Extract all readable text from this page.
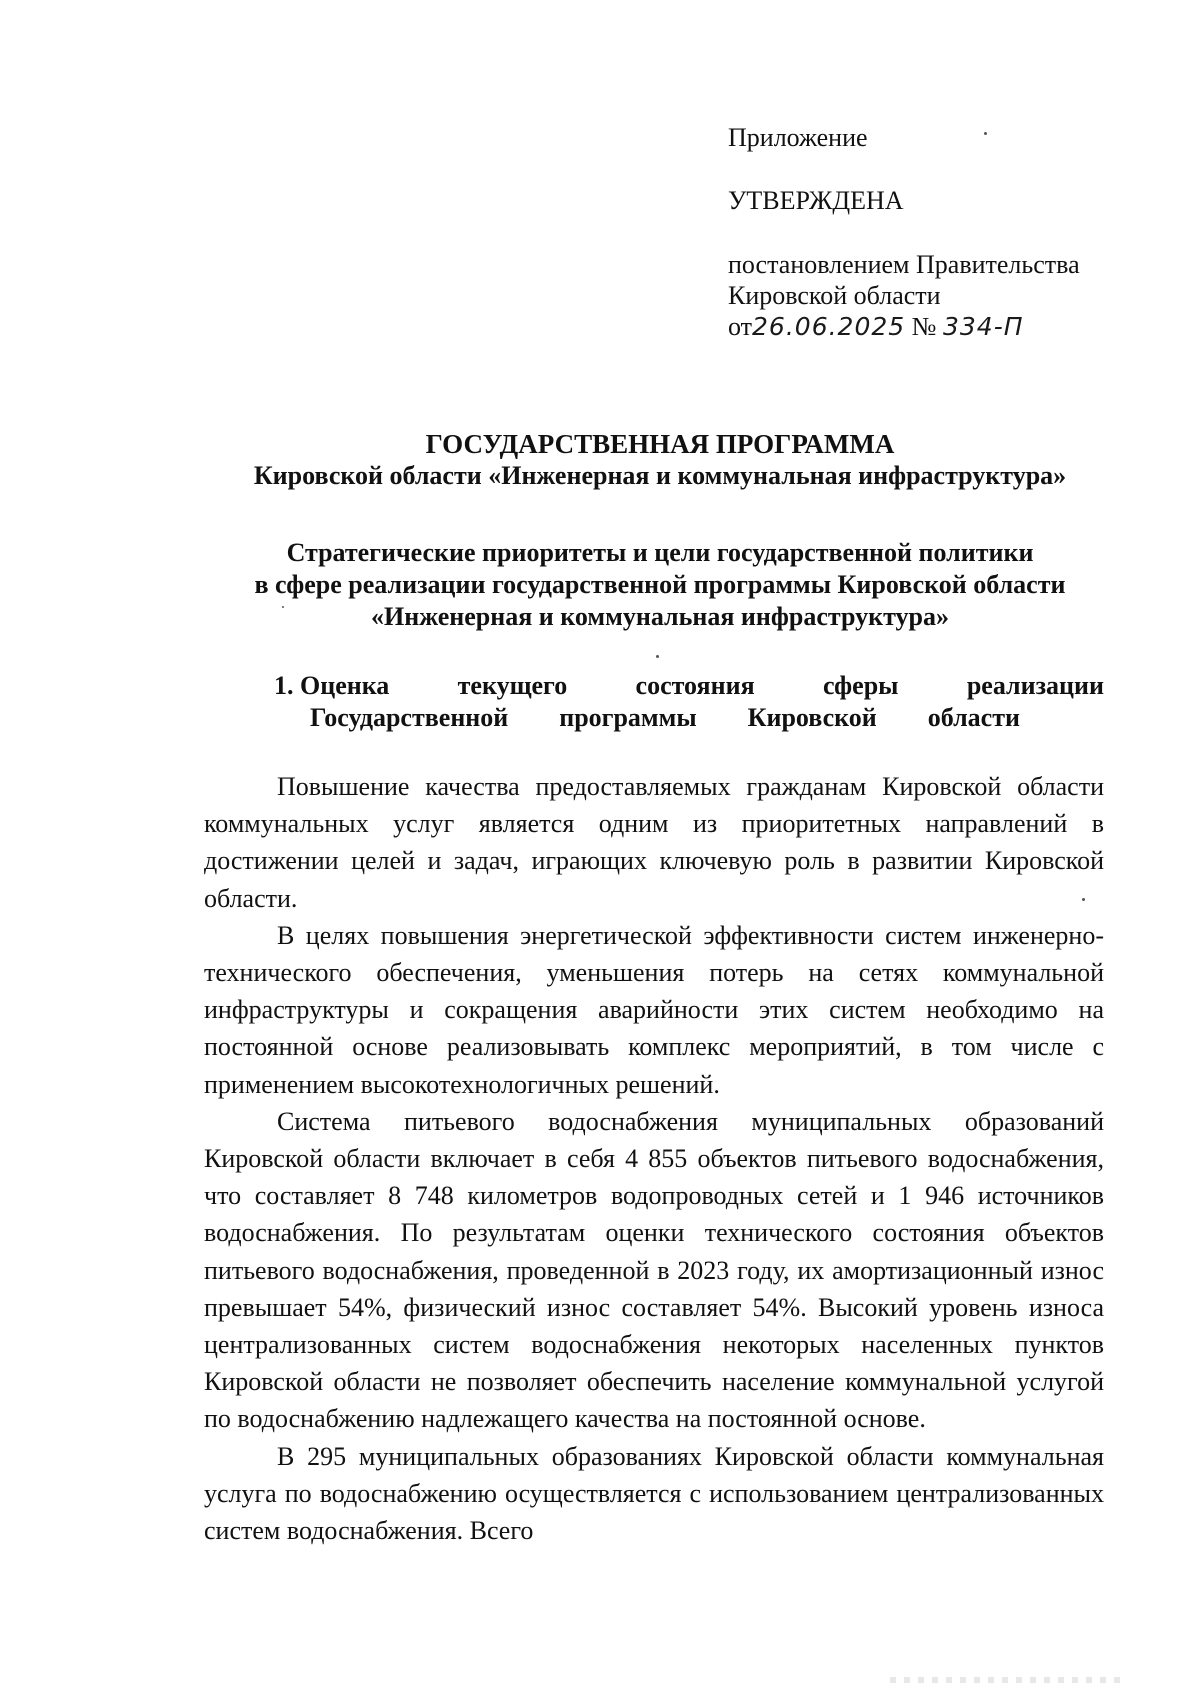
Приложение
УТВЕРЖДЕНА
постановлением Правительства
Кировской области
от26.06.2025 № 334-П
ГОСУДАРСТВЕННАЯ ПРОГРАММА
Кировской области «Инженерная и коммунальная инфраструктура»
Стратегические приоритеты и цели государственной политики
в сфере реализации государственной программы Кировской области
«Инженерная и коммунальная инфраструктура»
1. Оценка	текущего	состояния	сферы	реализации
Государственной программы Кировской области

Повышение качества предоставляемых гражданам Кировской области коммунальных услуг является одним из приоритетных направлений в достижении целей и задач, играющих ключевую роль в развитии Кировской области.

В целях повышения энергетической эффективности систем инженерно-технического обеспечения, уменьшения потерь на сетях коммунальной инфраструктуры и сокращения аварийности этих систем необходимо на постоянной основе реализовывать комплекс мероприятий, в том числе с применением высокотехнологичных решений.

Система питьевого водоснабжения муниципальных образований Кировской области включает в себя 4 855 объектов питьевого водоснабжения, что составляет 8 748 километров водопроводных сетей и 1 946 источников водоснабжения. По результатам оценки технического состояния объектов питьевого водоснабжения, проведенной в 2023 году, их амортизационный износ превышает 54%, физический износ составляет 54%. Высокий уровень износа централизованных систем водоснабжения некоторых населенных пунктов Кировской области не позволяет обеспечить население коммунальной услугой по водоснабжению надлежащего качества на постоянной основе.

В 295 муниципальных образованиях Кировской области коммунальная услуга по водоснабжению осуществляется с использованием централизованных систем водоснабжения. Всего
